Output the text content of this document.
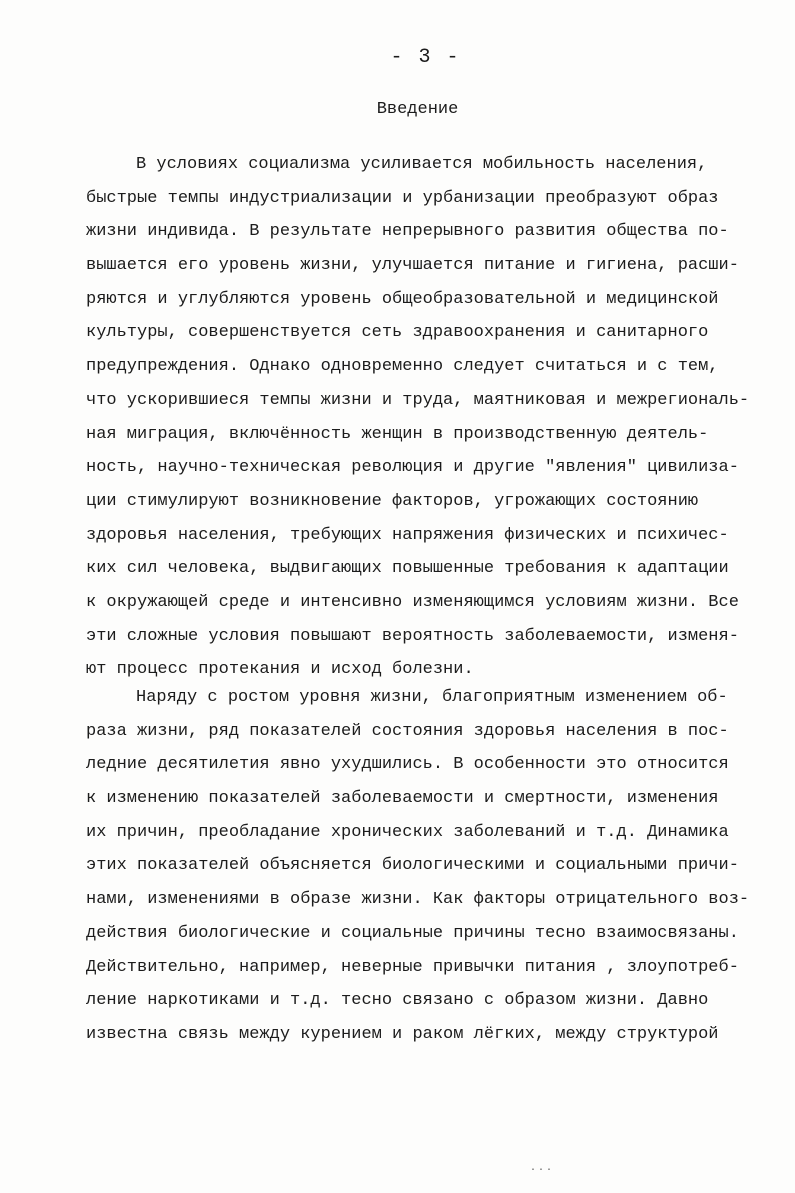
- 3 -
Введение
В условиях социализма усиливается мобильность населения,
быстрые темпы индустриализации и урбанизации преобразуют образ
жизни индивида. В результате непрерывного развития общества по-
вышается его уровень жизни, улучшается питание и гигиена, расши-
ряются и углубляются уровень общеобразовательной и медицинской
культуры, совершенствуется сеть здравоохранения и санитарного
предупреждения. Однако одновременно следует считаться и с тем,
что ускорившиеся темпы жизни и труда, маятниковая и межрегиональ-
ная миграция, включённость женщин в производственную деятель-
ность, научно-техническая революция и другие "явления" цивилиза-
ции стимулируют возникновение факторов, угрожающих состоянию
здоровья населения, требующих напряжения физических и психичес-
ких сил человека, выдвигающих повышенные требования к адаптации
к окружающей среде и интенсивно изменяющимся условиям жизни. Все
эти сложные условия повышают вероятность заболеваемости, изменя-
ют процесс протекания и исход болезни.
Наряду с ростом уровня жизни, благоприятным изменением об-
раза жизни, ряд показателей состояния здоровья населения в пос-
ледние десятилетия явно ухудшились. В особенности это относится
к изменению показателей заболеваемости и смертности, изменения
их причин, преобладание хронических заболеваний и т.д. Динамика
этих показателей объясняется биологическими и социальными причи-
нами, изменениями в образе жизни. Как факторы отрицательного воз-
действия биологические и социальные причины тесно взаимосвязаны.
Действительно, например, неверные привычки питания , злоупотреб-
ление наркотиками и т.д. тесно связано с образом жизни. Давно
известна связь между курением и раком лёгких, между структурой
...
